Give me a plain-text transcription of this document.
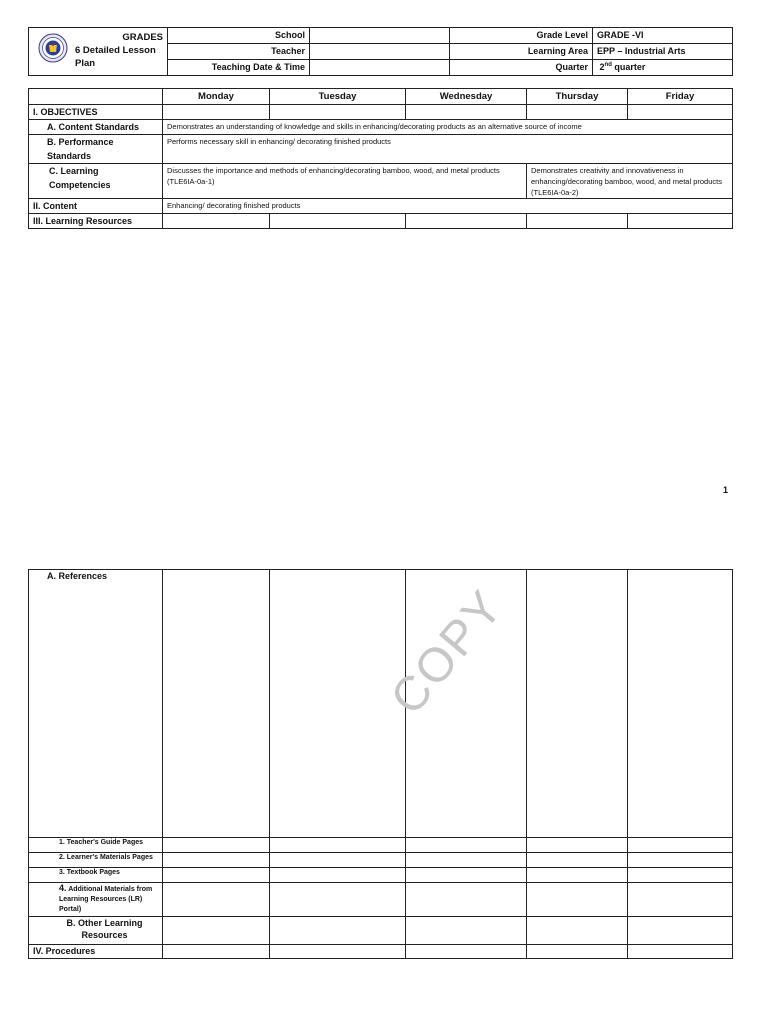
GRADES
6 Detailed Lesson
Plan	School		Grade Level	GRADE -VI
	Teacher		Learning Area	EPP – Industrial Arts
	Teaching Date & Time		Quarter	2nd quarter
	Monday	Tuesday	Wednesday	Thursday	Friday
I. OBJECTIVES					
A. Content Standards	Demonstrates an understanding of knowledge and skills in enhancing/decorating products as an alternative source of income				
B. Performance Standards	Performs necessary skill in enhancing/ decorating finished products				
C. Learning Competencies	Discusses the importance and methods of enhancing/decorating bamboo, wood, and metal products (TLE6IA-0a-1)			Demonstrates creativity and innovativeness in enhancing/decorating bamboo, wood, and metal products (TLE6IA-0a-2)	
II. Content	Enhancing/ decorating finished products				
III. Learning Resources					
1
A. References					
1. Teacher's Guide Pages					
2. Learner's Materials Pages					
3. Textbook Pages					
4. Additional Materials from Learning Resources (LR) Portal)					
B. Other Learning Resources					
IV. Procedures					
COPY
